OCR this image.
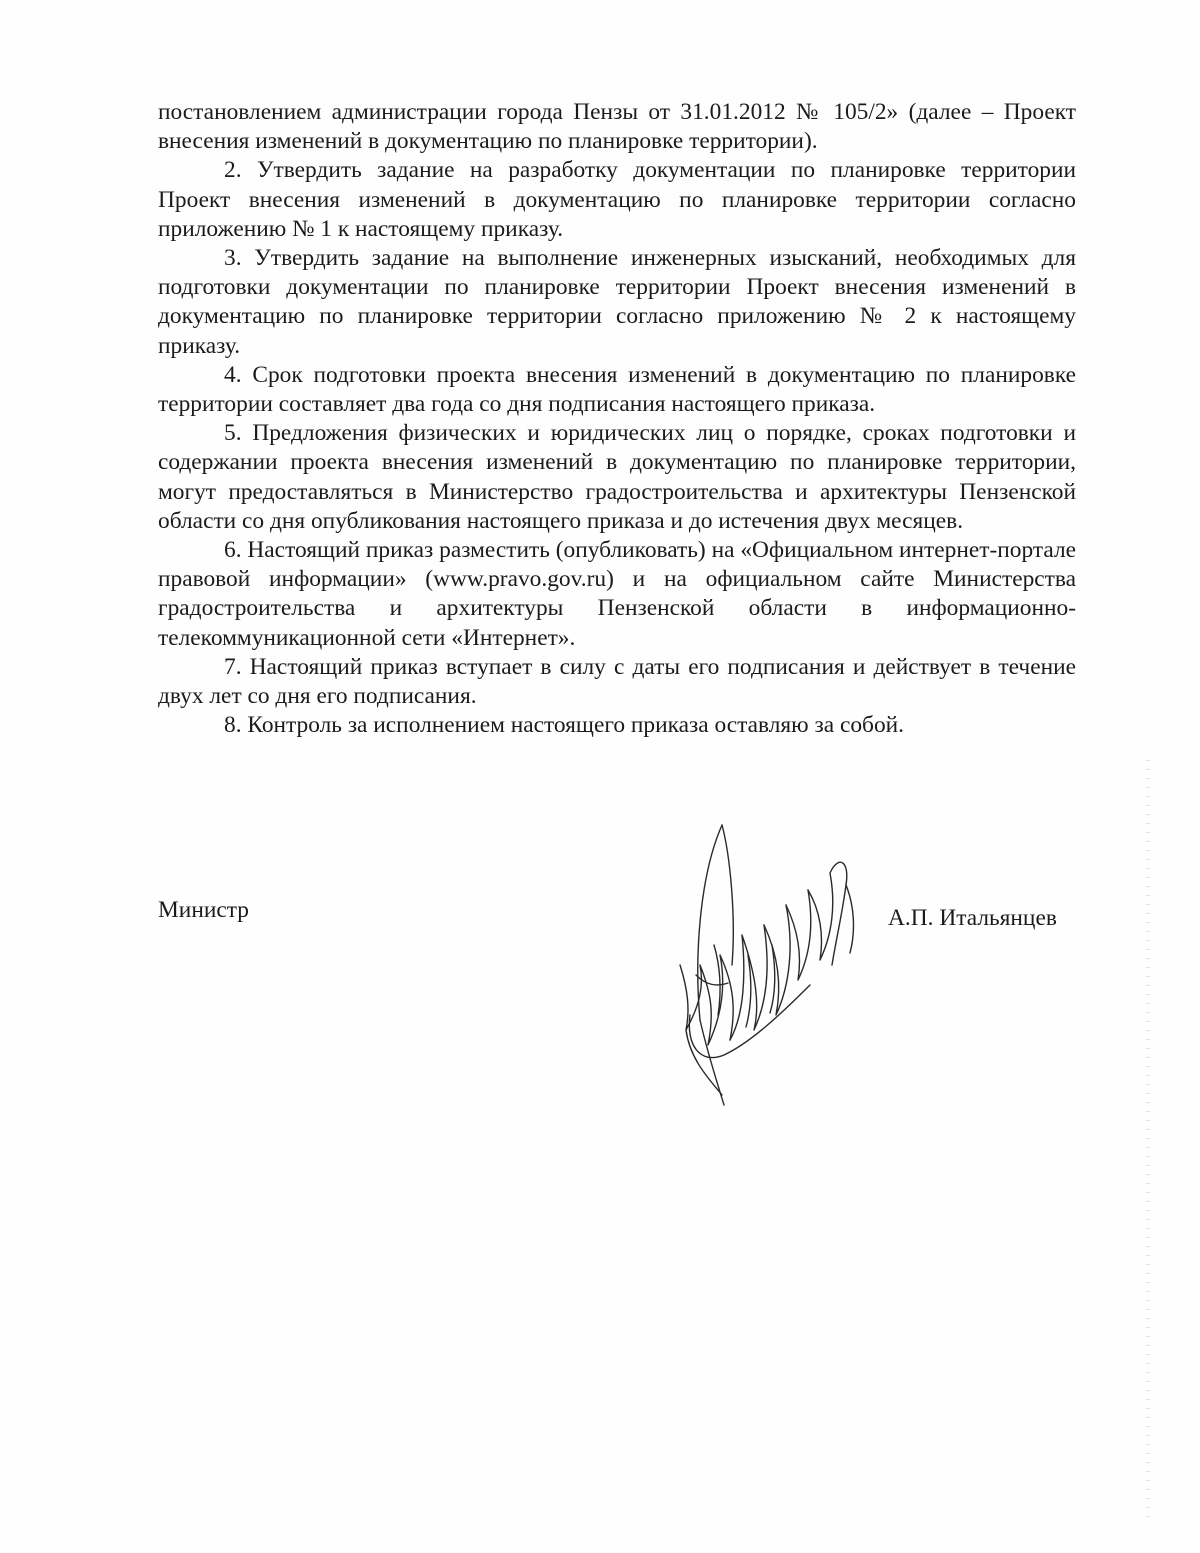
постановлением администрации города Пензы от 31.01.2012 № 105/2» (далее – Проект внесения изменений в документацию по планировке территории).

2. Утвердить задание на разработку документации по планировке территории Проект внесения изменений в документацию по планировке территории согласно приложению № 1 к настоящему приказу.

3. Утвердить задание на выполнение инженерных изысканий, необходимых для подготовки документации по планировке территории Проект внесения изменений в документацию по планировке территории согласно приложению № 2 к настоящему приказу.

4. Срок подготовки проекта внесения изменений в документацию по планировке территории составляет два года со дня подписания настоящего приказа.

5. Предложения физических и юридических лиц о порядке, сроках подготовки и содержании проекта внесения изменений в документацию по планировке территории, могут предоставляться в Министерство градостроительства и архитектуры Пензенской области со дня опубликования настоящего приказа и до истечения двух месяцев.

6. Настоящий приказ разместить (опубликовать) на «Официальном интернет-портале правовой информации» (www.pravo.gov.ru) и на официальном сайте Министерства градостроительства и архитектуры Пензенской области в информационно-телекоммуникационной сети «Интернет».

7. Настоящий приказ вступает в силу с даты его подписания и действует в течение двух лет со дня его подписания.

8. Контроль за исполнением настоящего приказа оставляю за собой.

Министр	А.П. Итальянцев
